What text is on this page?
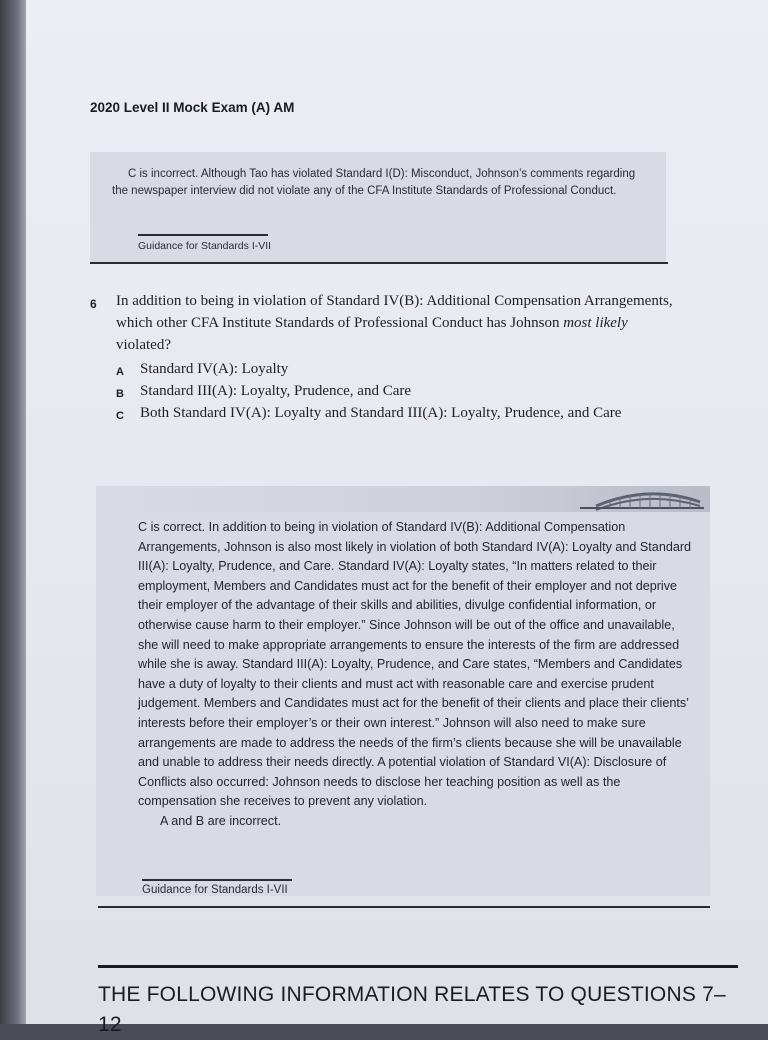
2020 Level II Mock Exam (A) AM
C is incorrect. Although Tao has violated Standard I(D): Misconduct, Johnson’s comments regarding the newspaper interview did not violate any of the CFA Institute Standards of Professional Conduct.
Guidance for Standards I-VII
6 In addition to being in violation of Standard IV(B): Additional Compensation Arrangements, which other CFA Institute Standards of Professional Conduct has Johnson most likely violated?
A Standard IV(A): Loyalty
B Standard III(A): Loyalty, Prudence, and Care
C Both Standard IV(A): Loyalty and Standard III(A): Loyalty, Prudence, and Care
C is correct. In addition to being in violation of Standard IV(B): Additional Compensation Arrangements, Johnson is also most likely in violation of both Standard IV(A): Loyalty and Standard III(A): Loyalty, Prudence, and Care. Standard IV(A): Loyalty states, “In matters related to their employment, Members and Candidates must act for the benefit of their employer and not deprive their employer of the advantage of their skills and abilities, divulge confidential information, or otherwise cause harm to their employer.” Since Johnson will be out of the office and unavailable, she will need to make appropriate arrangements to ensure the interests of the firm are addressed while she is away. Standard III(A): Loyalty, Prudence, and Care states, “Members and Candidates have a duty of loyalty to their clients and must act with reasonable care and exercise prudent judgement. Members and Candidates must act for the benefit of their clients and place their clients’ interests before their employer’s or their own interest.” Johnson will also need to make sure arrangements are made to address the needs of the firm’s clients because she will be unavailable and unable to address their needs directly. A potential violation of Standard VI(A): Disclosure of Conflicts also occurred: Johnson needs to disclose her teaching position as well as the compensation she receives to prevent any violation.
A and B are incorrect.
Guidance for Standards I-VII
THE FOLLOWING INFORMATION RELATES TO QUESTIONS 7–12
